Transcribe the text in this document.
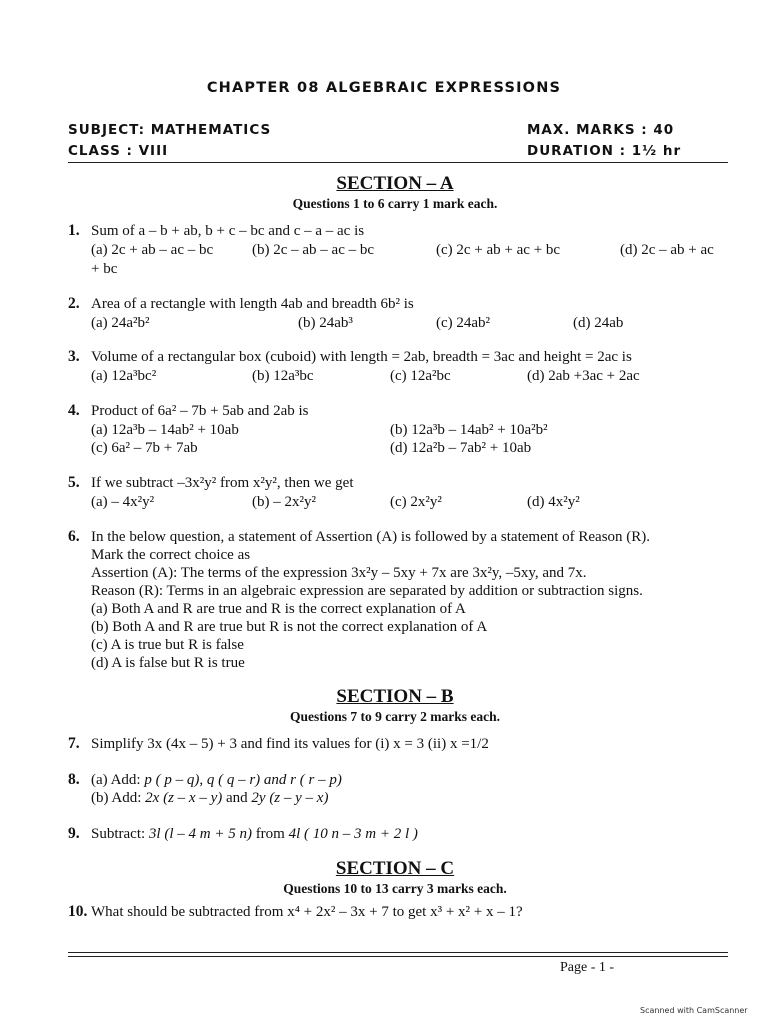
CHAPTER 08 ALGEBRAIC EXPRESSIONS
SUBJECT: MATHEMATICS
CLASS : VIII
MAX. MARKS : 40
DURATION : 1½ hr
SECTION – A
Questions 1 to 6 carry 1 mark each.
1. Sum of a – b + ab, b + c – bc and c – a – ac is
(a) 2c + ab – ac – bc	(b) 2c – ab – ac – bc	(c) 2c + ab + ac + bc	(d) 2c – ab + ac
+ bc
2. Area of a rectangle with length 4ab and breadth 6b² is
(a) 24a²b²	(b) 24ab³	(c) 24ab²	(d) 24ab
3. Volume of a rectangular box (cuboid) with length = 2ab, breadth = 3ac and height = 2ac is
(a) 12a³bc²	(b) 12a³bc	(c) 12a²bc	(d) 2ab +3ac + 2ac
4. Product of 6a² – 7b + 5ab and 2ab is
(a) 12a³b – 14ab² + 10ab	(b) 12a³b – 14ab² + 10a²b²
(c) 6a² – 7b + 7ab	(d) 12a²b – 7ab² + 10ab
5. If we subtract –3x²y² from x²y², then we get
(a) – 4x²y²	(b) – 2x²y²	(c) 2x²y²	(d) 4x²y²
6. In the below question, a statement of Assertion (A) is followed by a statement of Reason (R).
Mark the correct choice as
Assertion (A): The terms of the expression 3x²y – 5xy + 7x are 3x²y, –5xy, and 7x.
Reason (R): Terms in an algebraic expression are separated by addition or subtraction signs.
(a) Both A and R are true and R is the correct explanation of A
(b) Both A and R are true but R is not the correct explanation of A
(c) A is true but R is false
(d) A is false but R is true
SECTION – B
Questions 7 to 9 carry 2 marks each.
7. Simplify 3x (4x – 5) + 3 and find its values for (i) x = 3 (ii) x =1/2
8. (a) Add: p ( p – q), q ( q – r) and r ( r – p)
(b) Add: 2x (z – x – y) and 2y (z – y – x)
9. Subtract: 3l (l – 4 m + 5 n) from 4l ( 10 n – 3 m + 2 l )
SECTION – C
Questions 10 to 13 carry 3 marks each.
10. What should be subtracted from x⁴ + 2x² – 3x + 7 to get x³ + x² + x – 1?
Page - 1 -
Scanned with CamScanner
